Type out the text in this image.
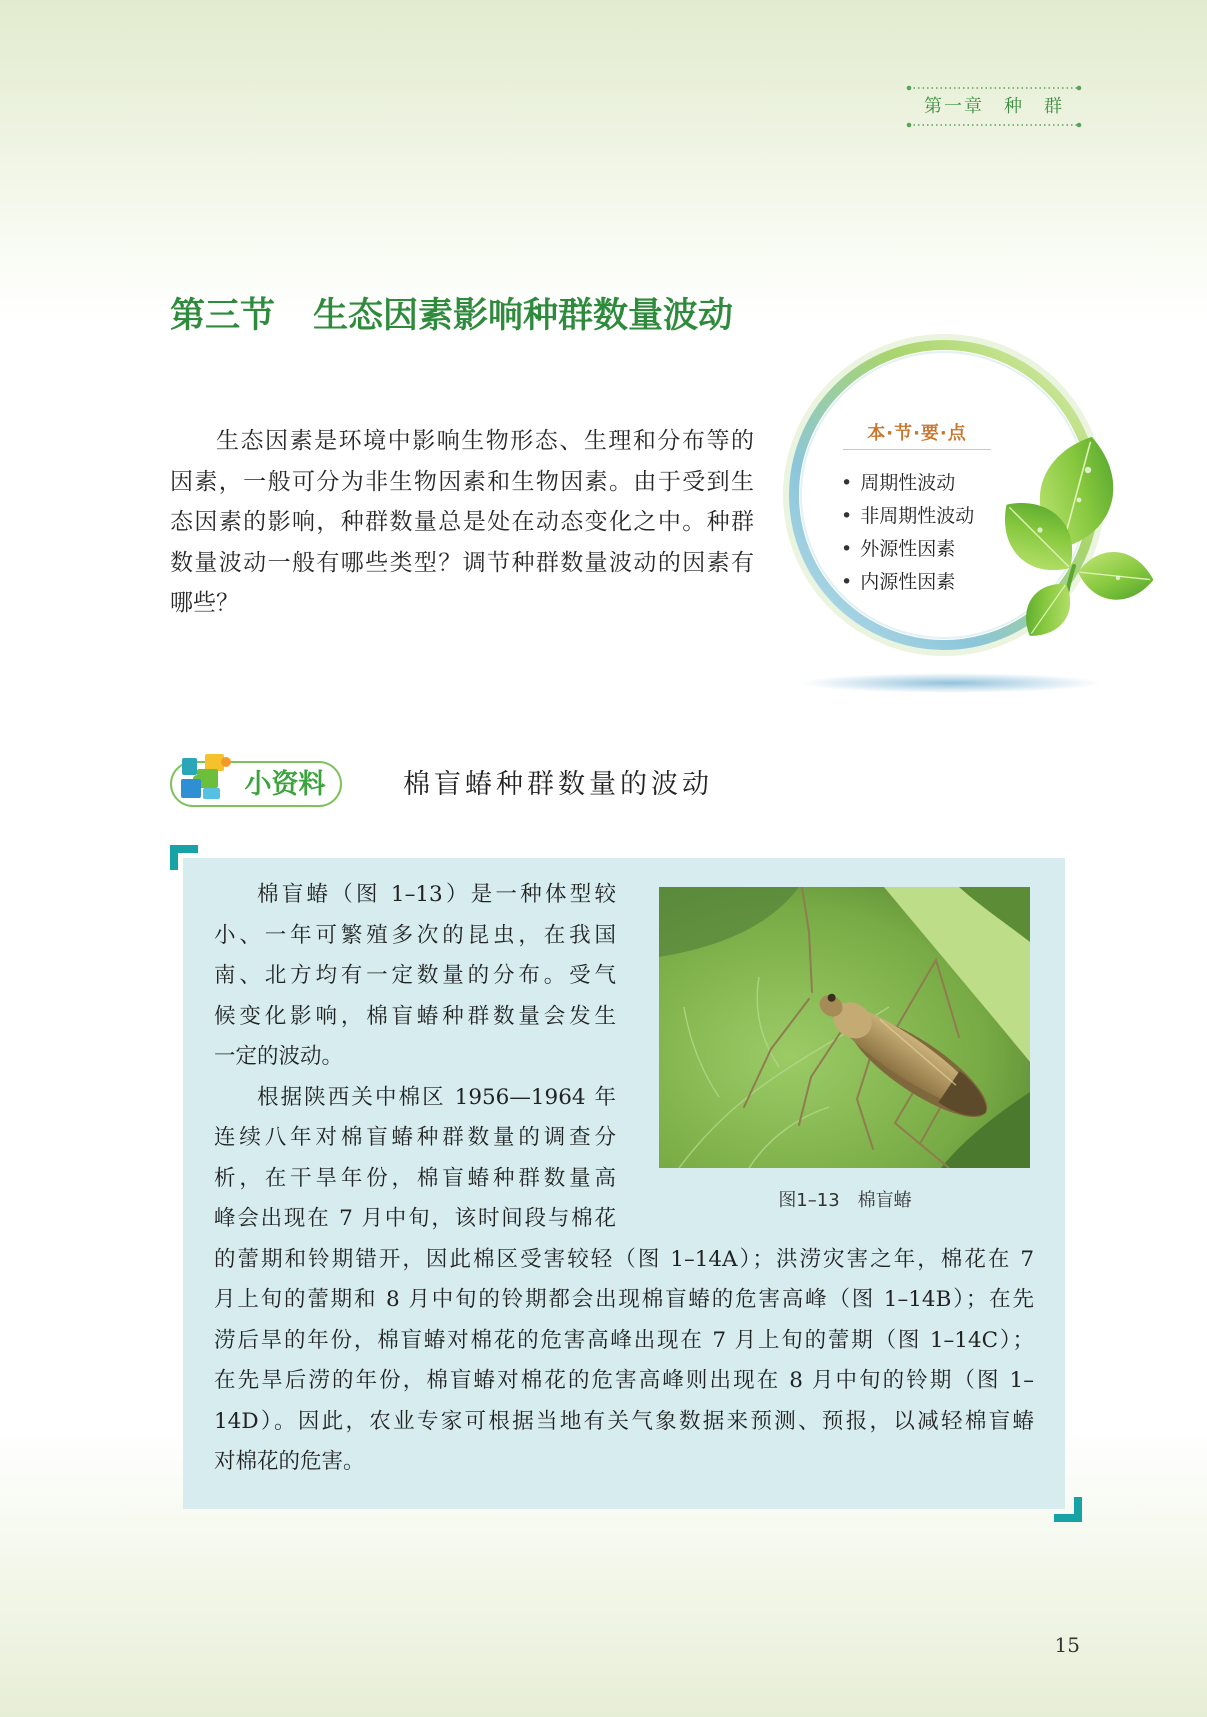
第一章　种　群
第三节 生态因素影响种群数量波动
生态因素是环境中影响生物形态、生理和分布等的
因素，一般可分为非生物因素和生物因素。由于受到生
态因素的影响，种群数量总是处在动态变化之中。种群
数量波动一般有哪些类型？调节种群数量波动的因素有
哪些？
本·节·要·点
• 周期性波动
• 非周期性波动
• 外源性因素
• 内源性因素
小资料	棉盲蝽种群数量的波动
棉盲蝽（图 1–13）是一种体型较
小、一年可繁殖多次的昆虫，在我国
南、北方均有一定数量的分布。受气
候变化影响，棉盲蝽种群数量会发生
一定的波动。
根据陕西关中棉区 1956—1964 年
连续八年对棉盲蝽种群数量的调查分
析，在干旱年份，棉盲蝽种群数量高
峰会出现在 7 月中旬，该时间段与棉花
的蕾期和铃期错开，因此棉区受害较轻（图 1–14A）；洪涝灾害之年，棉花在 7
月上旬的蕾期和 8 月中旬的铃期都会出现棉盲蝽的危害高峰（图 1–14B）；在先
涝后旱的年份，棉盲蝽对棉花的危害高峰出现在 7 月上旬的蕾期（图 1–14C）；
在先旱后涝的年份，棉盲蝽对棉花的危害高峰则出现在 8 月中旬的铃期（图 1–
14D）。因此，农业专家可根据当地有关气象数据来预测、预报，以减轻棉盲蝽
对棉花的危害。
图1–13　棉盲蝽
15
